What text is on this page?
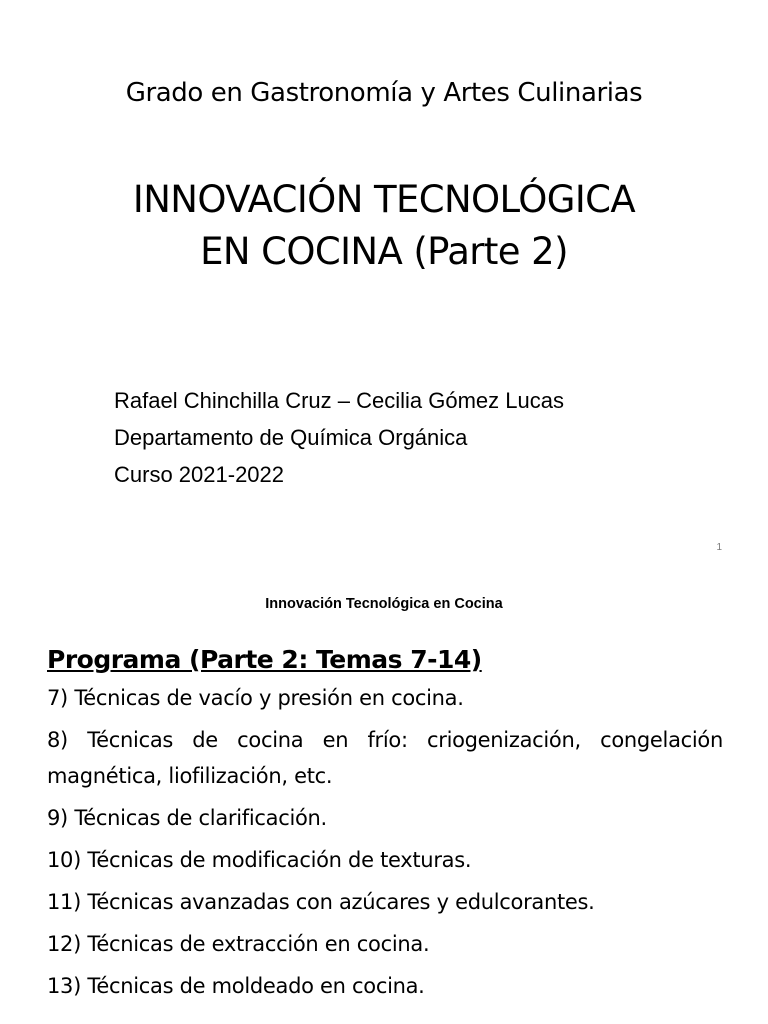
Grado en Gastronomía y Artes Culinarias
INNOVACIÓN TECNOLÓGICA
EN COCINA (Parte 2)
Rafael Chinchilla Cruz – Cecilia Gómez Lucas
Departamento de Química Orgánica
Curso 2021-2022
1
Innovación Tecnológica en Cocina
Programa (Parte 2: Temas 7-14)
7) Técnicas de vacío y presión en cocina.
8) Técnicas de cocina en frío: criogenización, congelación magnética, liofilización, etc.
9) Técnicas de clarificación.
10) Técnicas de modificación de texturas.
11) Técnicas avanzadas con azúcares y edulcorantes.
12) Técnicas de extracción en cocina.
13) Técnicas de moldeado en cocina.
